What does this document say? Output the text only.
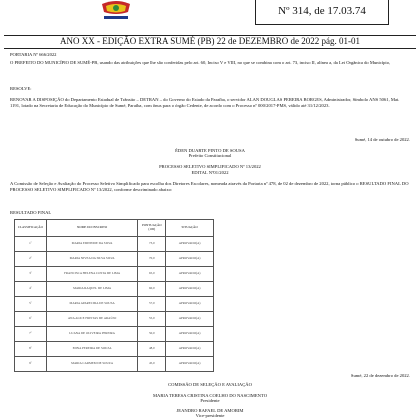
Nº 314, de 17.03.74
ANO XX - EDIÇÃO EXTRA SUMÉ (PB) 22 de DEZEMBRO de 2022 pág. 01-01
PORTARIA Nº 666/2022
O PREFEITO DO MUNICÍPIO DE SUMÉ-PB, usando das atribuições que lhe são conferidas pelo art. 60, Inciso V e VIII, no que se combina com o art. 73, inciso II, alínea a, da Lei Orgânica do Município,
RESOLVE:
RENOVAR A DISPOSIÇÃO do Departamento Estadual de Trânsito – DETRAN – do Governo do Estado da Paraíba, o servidor ALAN DOUGLAS PEREIRA BORGES, Administrador, Símbolo ANS 5061, Mat. 1191, lotado na Secretaria de Educação do Município de Sumé, Paraíba, com ônus para o órgão Cedente, de acordo com o Processo nº 000/2017-PMS, válido até 31/12/2023.
Sumé, 14 de outubro de 2022.
ÉDEN DUARTE PINTO DE SOUSA
Prefeito Constitucional
PROCESSO SELETIVO SIMPLIFICADO Nº 13/2022
EDITAL Nº01/2022
A Comissão de Seleção e Avaliação do Processo Seletivo Simplificado para escolha dos Diretores Escolares, nomeada através da Portaria nº 478, de 02 de dezembro de 2022, torna público o RESULTADO FINAL DO PROCESSO SELETIVO SIMPLIFICADO Nº 13/2022, conforme descriminado abaixo:
RESULTADO FINAL
CLASSIFICAÇÃO	NOME DO INSCRITO	PONTUAÇÃO (100)	SITUAÇÃO
1º	MARIA EDINEIDE DA SILVA	73,0	APROVADO(A)
2º	MARIA NIVEA DA SILVA SILVA	70,0	APROVADO(A)
3º	FRANCISCA HELENA COSTA DE LIMA	65,0	APROVADO(A)
4º	MARIA RAQUEL DE LIMA	60,0	APROVADO(A)
5º	MARIA APARECIDA DE SOUSA	57,0	APROVADO(A)
6º	ANA ALICE FREITAS DE ARAÚJO	55,0	APROVADO(A)
7º	LUANA DE OLIVEIRA PEREIRA	50,0	APROVADO(A)
8º	EDNA PEREIRA DE SOUZA	48,0	APROVADO(A)
9º	MARIA CARMEM DE SOUZA	45,0	APROVADO(A)
Sumé, 22 de dezembro de 2022.
COMISSÃO DE SELEÇÃO E AVALIAÇÃO
MARIA TERESA CRISTINA COELHO DO NASCIMENTO
Presidente
JEANDRO RAFAEL DE AMORIM
Vice-presidente
